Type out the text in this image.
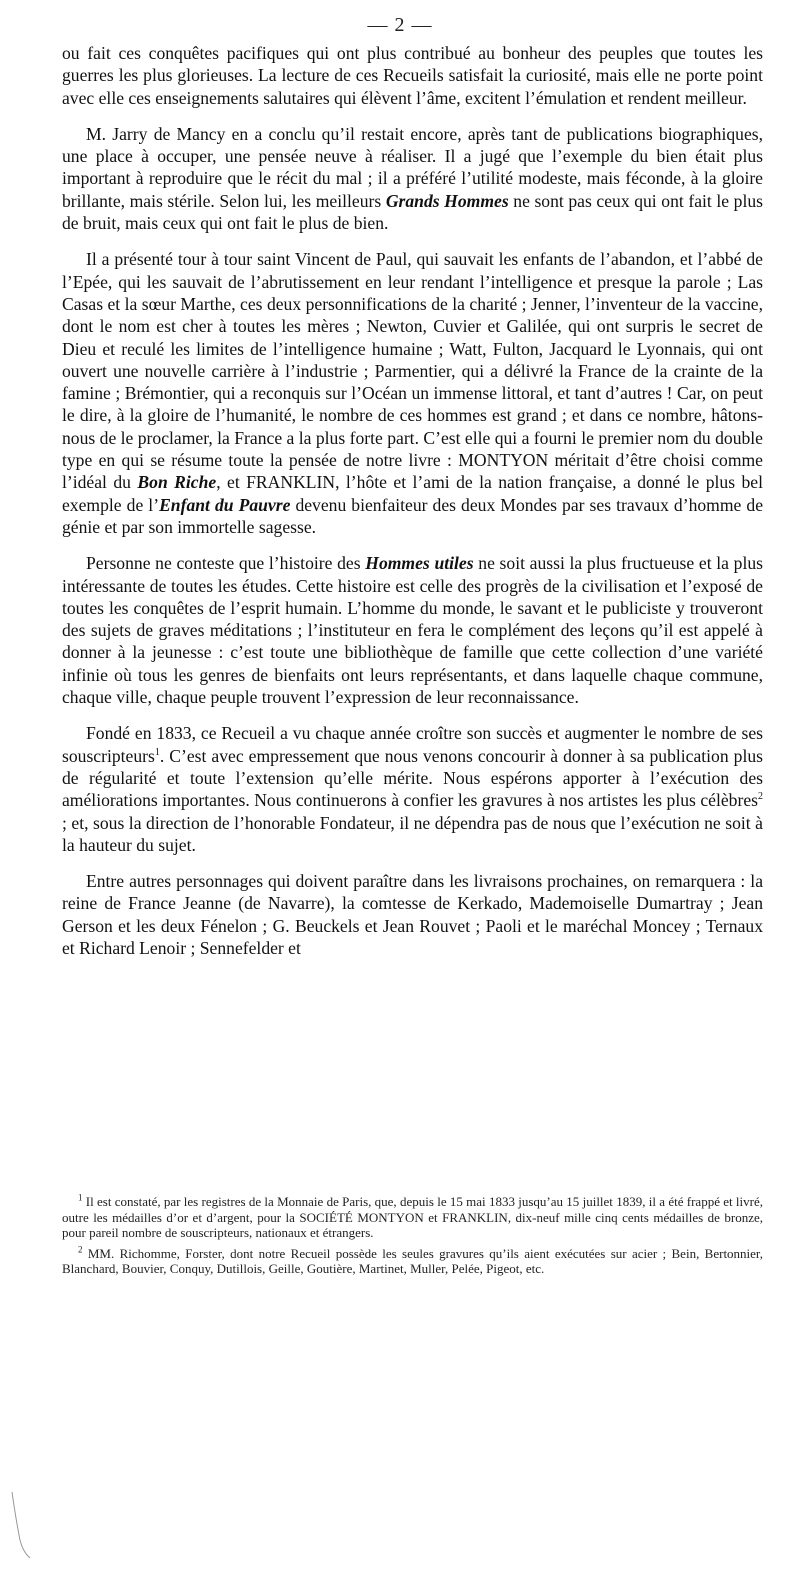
— 2 —

ou fait ces conquêtes pacifiques qui ont plus contribué au bonheur des peuples que toutes les guerres les plus glorieuses. La lecture de ces Recueils satisfait la curiosité, mais elle ne porte point avec elle ces enseignements salutaires qui élèvent l’âme, excitent l’émulation et rendent meilleur.

M. Jarry de Mancy en a conclu qu’il restait encore, après tant de publications biographiques, une place à occuper, une pensée neuve à réaliser. Il a jugé que l’exemple du bien était plus important à reproduire que le récit du mal ; il a préféré l’utilité modeste, mais féconde, à la gloire brillante, mais stérile. Selon lui, les meilleurs Grands Hommes ne sont pas ceux qui ont fait le plus de bruit, mais ceux qui ont fait le plus de bien.

Il a présenté tour à tour saint Vincent de Paul, qui sauvait les enfants de l’abandon, et l’abbé de l’Epée, qui les sauvait de l’abrutissement en leur rendant l’intelligence et presque la parole ; Las Casas et la sœur Marthe, ces deux personnifications de la charité ; Jenner, l’inventeur de la vaccine, dont le nom est cher à toutes les mères ; Newton, Cuvier et Galilée, qui ont surpris le secret de Dieu et reculé les limites de l’intelligence humaine ; Watt, Fulton, Jacquard le Lyonnais, qui ont ouvert une nouvelle carrière à l’industrie ; Parmentier, qui a délivré la France de la crainte de la famine ; Brémontier, qui a reconquis sur l’Océan un immense littoral, et tant d’autres ! Car, on peut le dire, à la gloire de l’humanité, le nombre de ces hommes est grand ; et dans ce nombre, hâtons-nous de le proclamer, la France a la plus forte part. C’est elle qui a fourni le premier nom du double type en qui se résume toute la pensée de notre livre : MONTYON méritait d’être choisi comme l’idéal du Bon Riche, et FRANKLIN, l’hôte et l’ami de la nation française, a donné le plus bel exemple de l’Enfant du Pauvre devenu bienfaiteur des deux Mondes par ses travaux d’homme de génie et par son immortelle sagesse.

Personne ne conteste que l’histoire des Hommes utiles ne soit aussi la plus fructueuse et la plus intéressante de toutes les études. Cette histoire est celle des progrès de la civilisation et l’exposé de toutes les conquêtes de l’esprit humain. L’homme du monde, le savant et le publiciste y trouveront des sujets de graves méditations ; l’instituteur en fera le complément des leçons qu’il est appelé à donner à la jeunesse : c’est toute une bibliothèque de famille que cette collection d’une variété infinie où tous les genres de bienfaits ont leurs représentants, et dans laquelle chaque commune, chaque ville, chaque peuple trouvent l’expression de leur reconnaissance.

Fondé en 1833, ce Recueil a vu chaque année croître son succès et augmenter le nombre de ses souscripteurs$^1$. C’est avec empressement que nous venons concourir à donner à sa publication plus de régularité et toute l’extension qu’elle mérite. Nous espérons apporter à l’exécution des améliorations importantes. Nous continuerons à confier les gravures à nos artistes les plus célèbres$^2$ ; et, sous la direction de l’honorable Fondateur, il ne dépendra pas de nous que l’exécution ne soit à la hauteur du sujet.

Entre autres personnages qui doivent paraître dans les livraisons prochaines, on remarquera : la reine de France Jeanne (de Navarre), la comtesse de Kerkado, Mademoiselle Dumartray ; Jean Gerson et les deux Fénelon ; G. Beuckels et Jean Rouvet ; Paoli et le maréchal Moncey ; Ternaux et Richard Lenoir ; Sennefelder et

$^1$ Il est constaté, par les registres de la Monnaie de Paris, que, depuis le 15 mai 1833 jusqu’au 15 juillet 1839, il a été frappé et livré, outre les médailles d’or et d’argent, pour la SOCIÉTÉ MONTYON et FRANKLIN, dix-neuf mille cinq cents médailles de bronze, pour pareil nombre de souscripteurs, nationaux et étrangers.

$^2$ MM. Richomme, Forster, dont notre Recueil possède les seules gravures qu’ils aient exécutées sur acier ; Bein, Bertonnier, Blanchard, Bouvier, Conquy, Dutillois, Geille, Goutière, Martinet, Muller, Pelée, Pigeot, etc.
